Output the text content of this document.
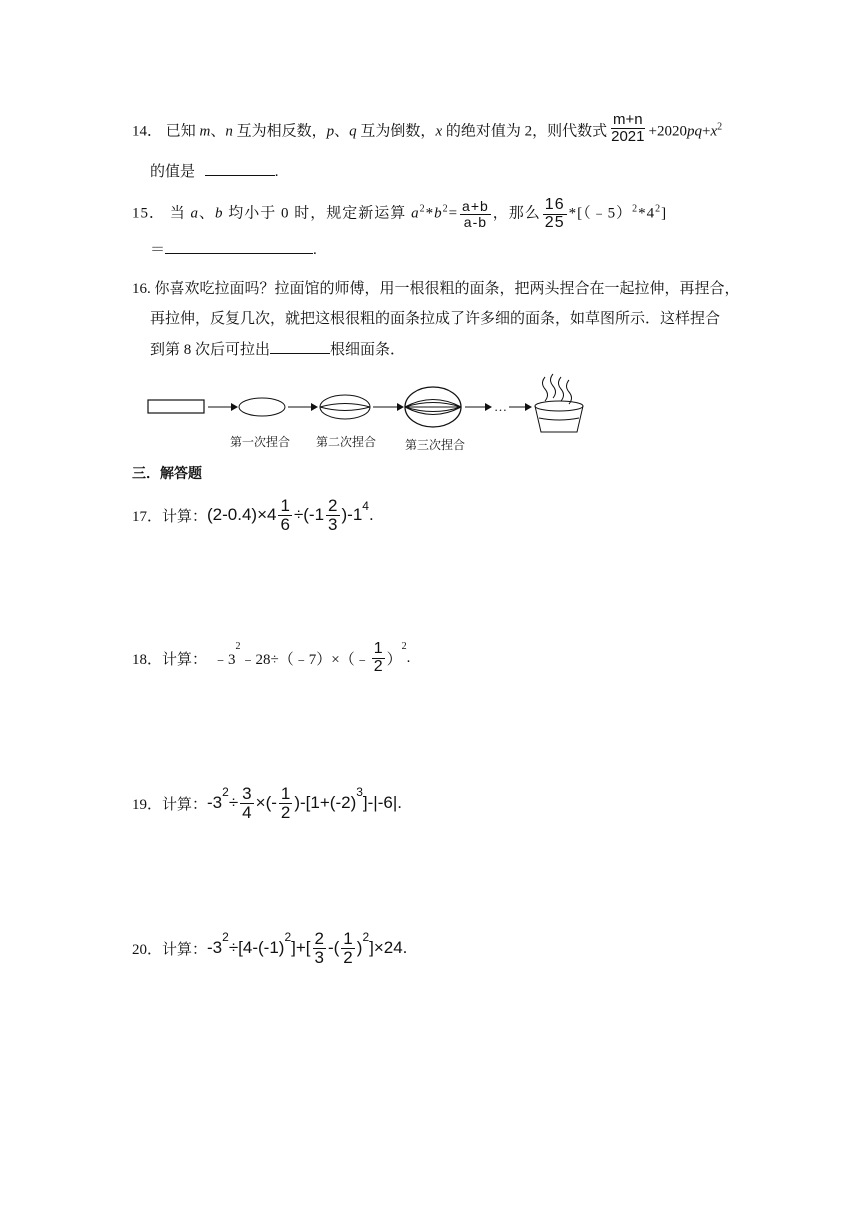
14． 已知 m、n 互为相反数，p、q 互为倒数，x 的绝对值为 2，则代数式 $\frac{m+n}{2021} +2020pq+x^2$
的值是	.
15． 当 a、b 均小于 0 时，规定新运算 $a^2*b^2= \frac{a+b}{a-b}$ ，那么 $\frac{16}{25}$ $*[(﹣5)^2*4^2]$
＝	.
16. 你喜欢吃拉面吗？拉面馆的师傅，用一根很粗的面条，把两头捏合在一起拉伸，再捏合，
再拉伸，反复几次，就把这根很粗的面条拉成了许多细的面条，如草图所示．这样捏合
到第 8 次后可拉出	根细面条．
…
第一次捏合 第二次捏合 第三次捏合
三．解答题
17．计算： $(2-0.4)\times 4 \frac{1}{6} \div(-1 \frac{2}{3} )-1^4$ .
18．计算： ﹣3
$^2$
﹣28÷（﹣7）×（﹣ $\frac{1}{2}$ ）
$^2$
.
19．计算： -3
$^2$
÷ $\frac{3}{4}$ ×(- $\frac{1}{2} )-[1+(-2)$
$^3$
]-|-6|.
20．计算： -3
$^2$
÷[4-(-1)
$^2$
]+[ $\frac{2}{3}$ -( $\frac{1}{2}$ )
$^2$
]×24.
